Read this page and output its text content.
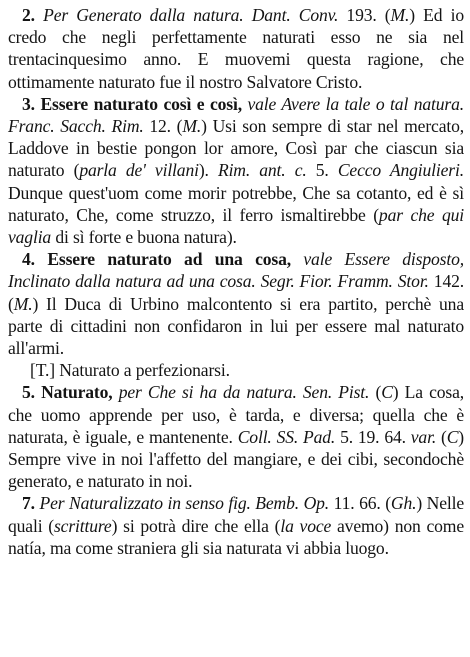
2. Per Generato dalla natura. Dant. Conv. 193. (M.) Ed io credo che negli perfettamente naturati esso ne sia nel trentacinquesimo anno. E muovemi questa ragione, che ottimamente naturato fue il nostro Salvatore Cristo.

3. Essere naturato così e così, vale Avere la tale o tal natura. Franc. Sacch. Rim. 12. (M.) Usi son sempre di star nel mercato, Laddove in bestie pongon lor amore, Così par che ciascun sia naturato (parla de' villani). Rim. ant. c. 5. Cecco Angiulieri. Dunque quest'uom come morir potrebbe, Che sa cotanto, ed è sì naturato, Che, come struzzo, il ferro ismaltirebbe (par che qui vaglia di sì forte e buona natura).

4. Essere naturato ad una cosa, vale Essere disposto, Inclinato dalla natura ad una cosa. Segr. Fior. Framm. Stor. 142. (M.) Il Duca di Urbino malcontento si era partito, perchè una parte di cittadini non confidaron in lui per essere mal naturato all'armi.

[T.] Naturato a perfezionarsi.

5. Naturato, per Che si ha da natura. Sen. Pist. (C) La cosa, che uomo apprende per uso, è tarda, e diversa; quella che è naturata, è iguale, e mantenente. Coll. SS. Pad. 5. 19. 64. var. (C) Sempre vive in noi l'affetto del mangiare, e dei cibi, secondochè generato, e naturato in noi.

7. Per Naturalizzato in senso fig. Bemb. Op. 11. 66. (Gh.) Nelle quali (scritture) si potrà dire che ella (la voce avemo) non come natía, ma come straniera gli sia naturata vi abbia luogo.
